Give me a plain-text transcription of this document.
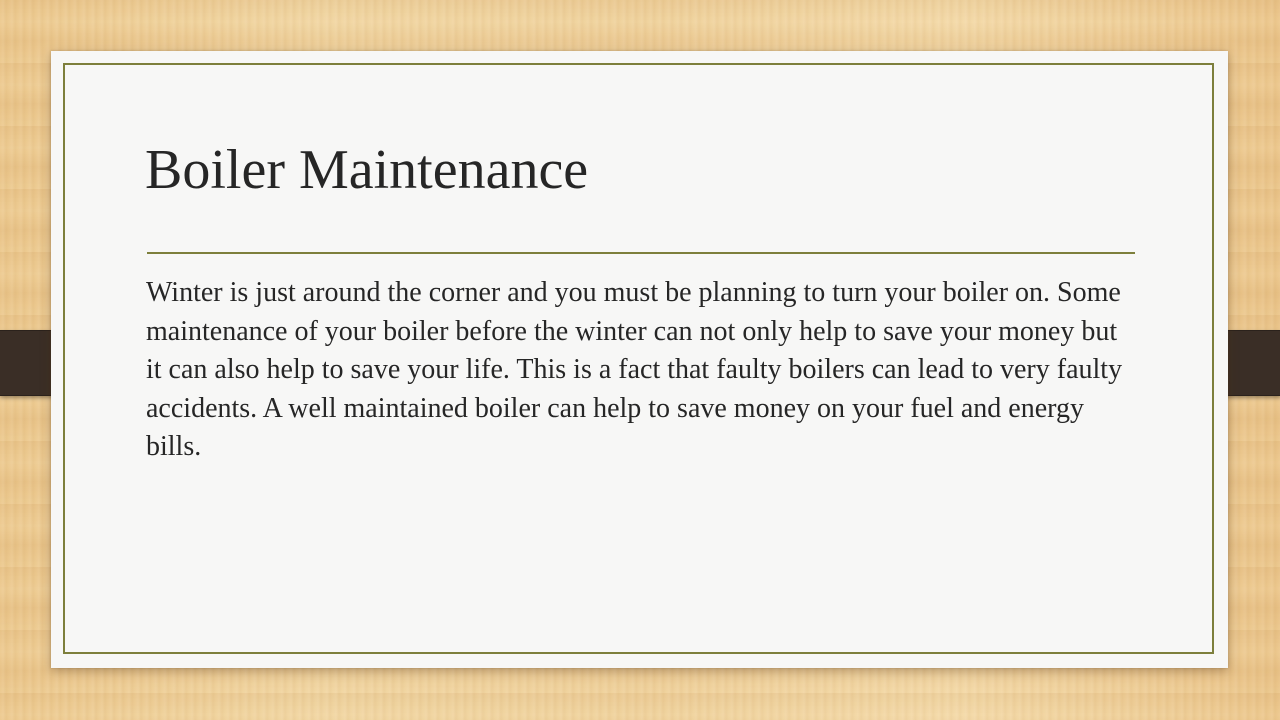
Boiler Maintenance

Winter is just around the corner and you must be planning to turn your boiler on. Some maintenance of your boiler before the winter can not only help to save your money but it can also help to save your life. This is a fact that faulty boilers can lead to very faulty accidents. A well maintained boiler can help to save money on your fuel and energy bills.
